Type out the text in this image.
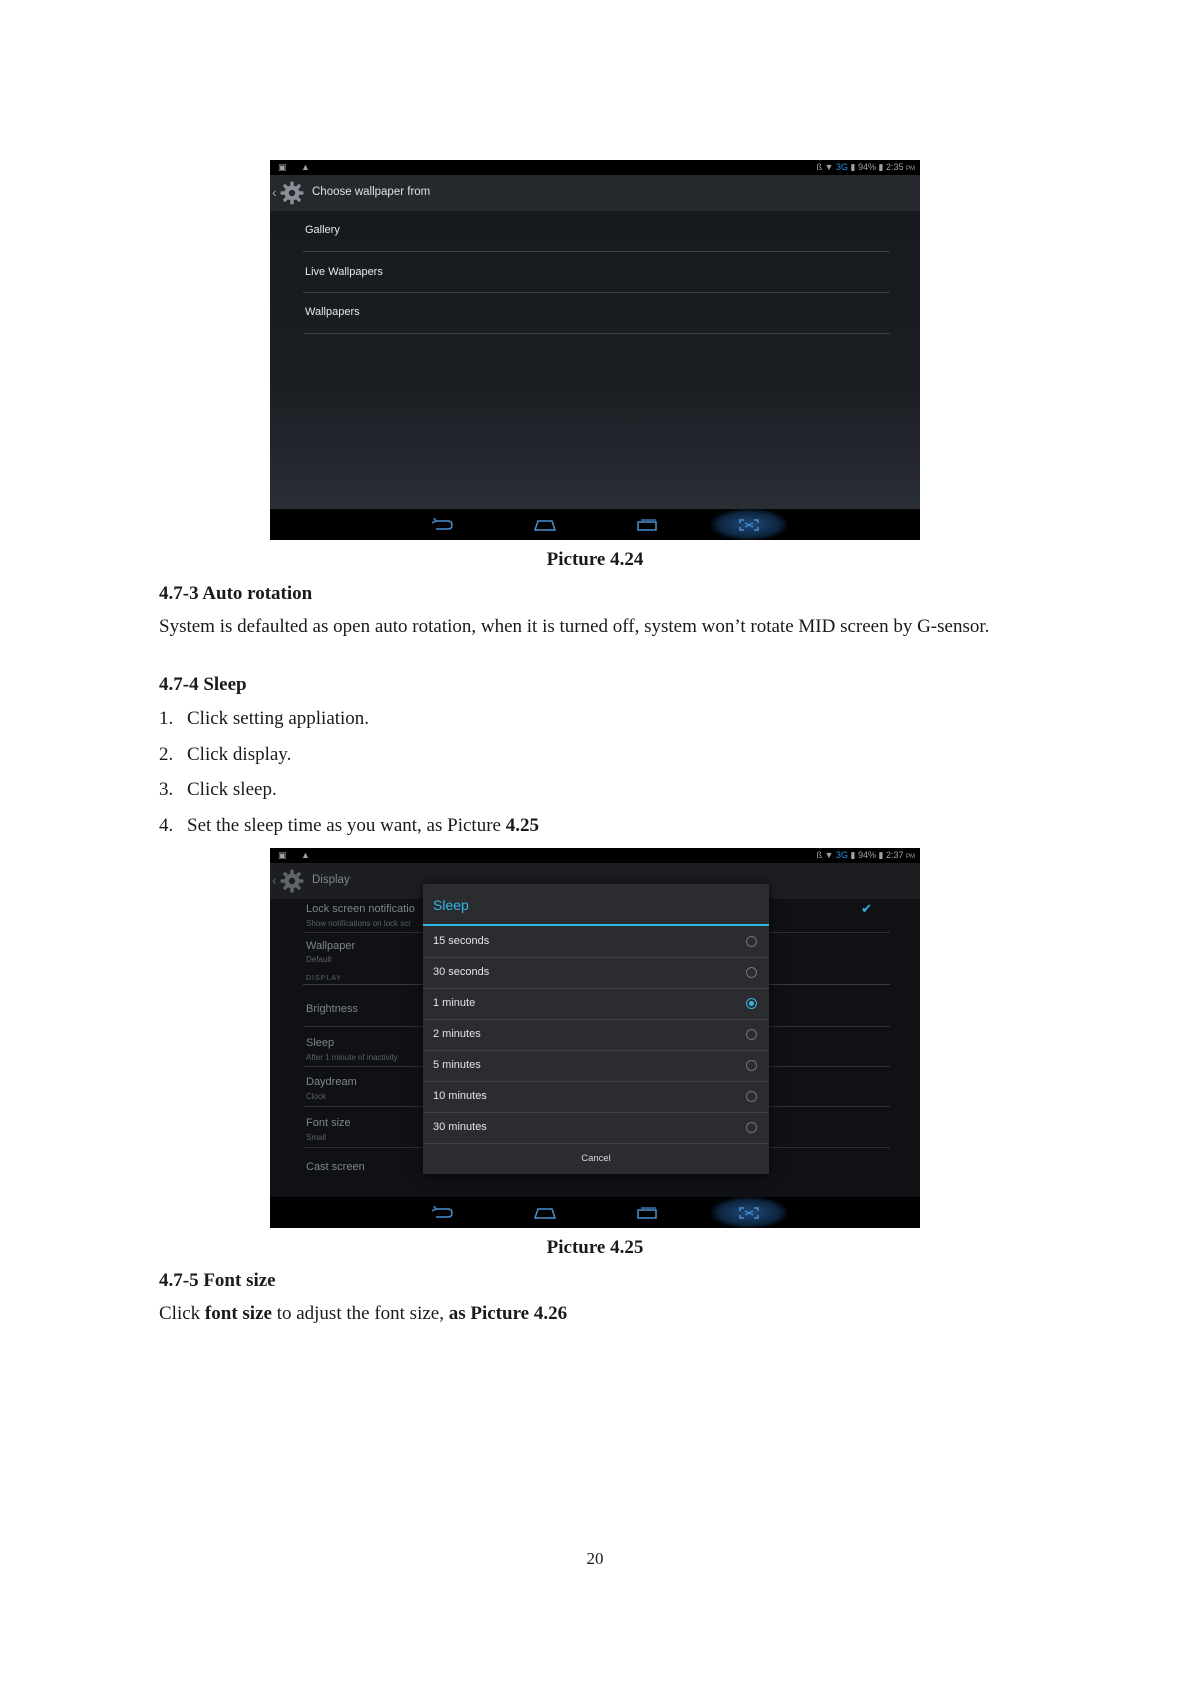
▣ ▲	ß ▼ 3G ▮ 94% ▮ 2:35 PM
‹	Choose wallpaper from
Gallery
Live Wallpapers
Wallpapers
Picture 4.24
4.7-3 Auto rotation
System is defaulted as open auto rotation, when it is turned off, system won’t rotate MID screen by G-sensor.
4.7-4 Sleep
1. Click setting appliation.
2. Click display.
3. Click sleep.
4. Set the sleep time as you want, as Picture 4.25
▣ ▲	ß ▼ 3G ▮ 94% ▮ 2:37 PM
‹	Display
Lock screen notificatio
Show notifications on lock scr
✔
Wallpaper
Default
DISPLAY
Brightness
Sleep
After 1 minute of inactivity
Daydream
Clock
Font size
Small
Cast screen
Sleep
15 seconds
30 seconds
1 minute
2 minutes
5 minutes
10 minutes
30 minutes
Cancel
Picture 4.25
4.7-5 Font size
Click font size to adjust the font size, as Picture 4.26
20
